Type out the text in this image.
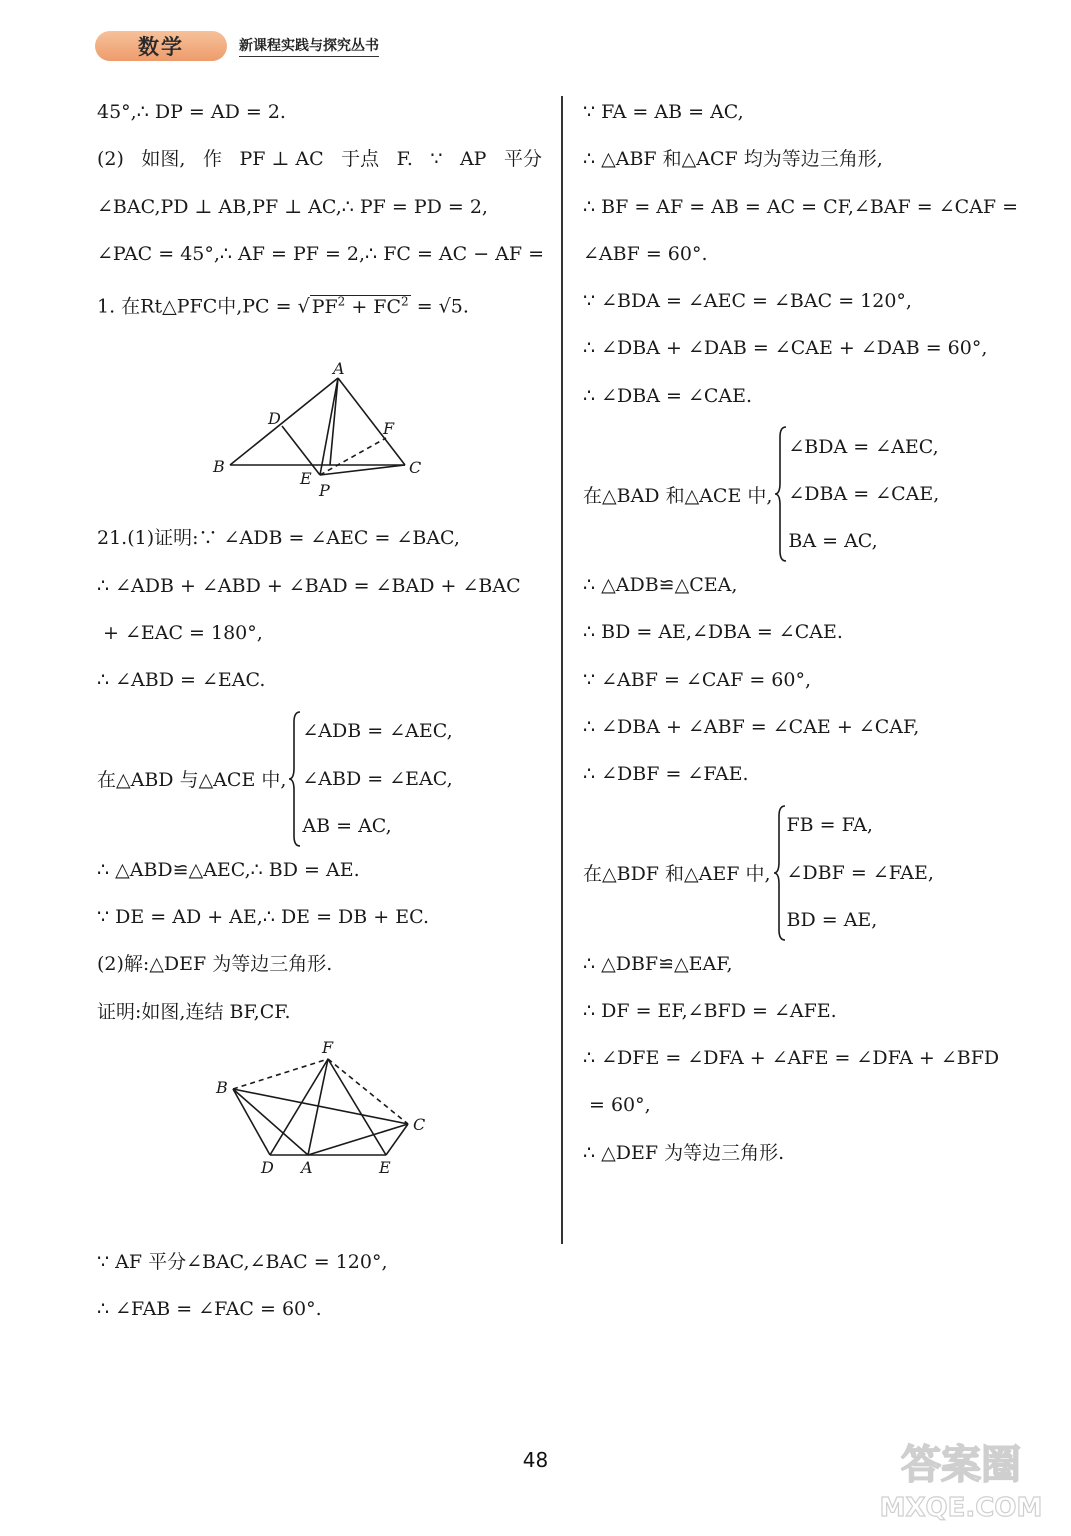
数学	新课程实践与探究丛书
45°,∴ DP = AD = 2.
(2) 如图, 作 PF ⊥ AC 于点 F. ∵ AP 平分
∠BAC,PD ⊥ AB,PF ⊥ AC,∴ PF = PD = 2,
∠PAC = 45°,∴ AF = PF = 2,∴ FC = AC − AF =
1. 在Rt△PFC中,PC = √ $PF^2 + FC^2 = √5$.
A
B	C
D
E
F
P
21.(1)证明:∵ ∠ADB = ∠AEC = ∠BAC,
∴ ∠ADB + ∠ABD + ∠BAD = ∠BAD + ∠BAC
+ ∠EAC = 180°,
∴ ∠ABD = ∠EAC.
在△ABD 与△ACE 中,
∠ADB = ∠AEC,
∠ABD = ∠EAC,
AB = AC,
∴ △ABD≌△AEC,∴ BD = AE.
∵ DE = AD + AE,∴ DE = DB + EC.
(2)解:△DEF 为等边三角形.
证明:如图,连结 BF,CF.
F
B
C
D A	E
∵ AF 平分∠BAC,∠BAC = 120°,
∴ ∠FAB = ∠FAC = 60°.
∵ FA = AB = AC,
∴ △ABF 和△ACF 均为等边三角形,
∴ BF = AF = AB = AC = CF,∠BAF = ∠CAF =
∠ABF = 60°.
∵ ∠BDA = ∠AEC = ∠BAC = 120°,
∴ ∠DBA + ∠DAB = ∠CAE + ∠DAB = 60°,
∴ ∠DBA = ∠CAE.
在△BAD 和△ACE 中,
∠BDA = ∠AEC,
∠DBA = ∠CAE,
BA = AC,
∴ △ADB≌△CEA,
∴ BD = AE,∠DBA = ∠CAE.
∵ ∠ABF = ∠CAF = 60°,
∴ ∠DBA + ∠ABF = ∠CAE + ∠CAF,
∴ ∠DBF = ∠FAE.
在△BDF 和△AEF 中,
FB = FA,
∠DBF = ∠FAE,
BD = AE,
∴ △DBF≌△EAF,
∴ DF = EF,∠BFD = ∠AFE.
∴ ∠DFE = ∠DFA + ∠AFE = ∠DFA + ∠BFD
= 60°,
∴ △DEF 为等边三角形.
48	答案圈
MXQE.COM
